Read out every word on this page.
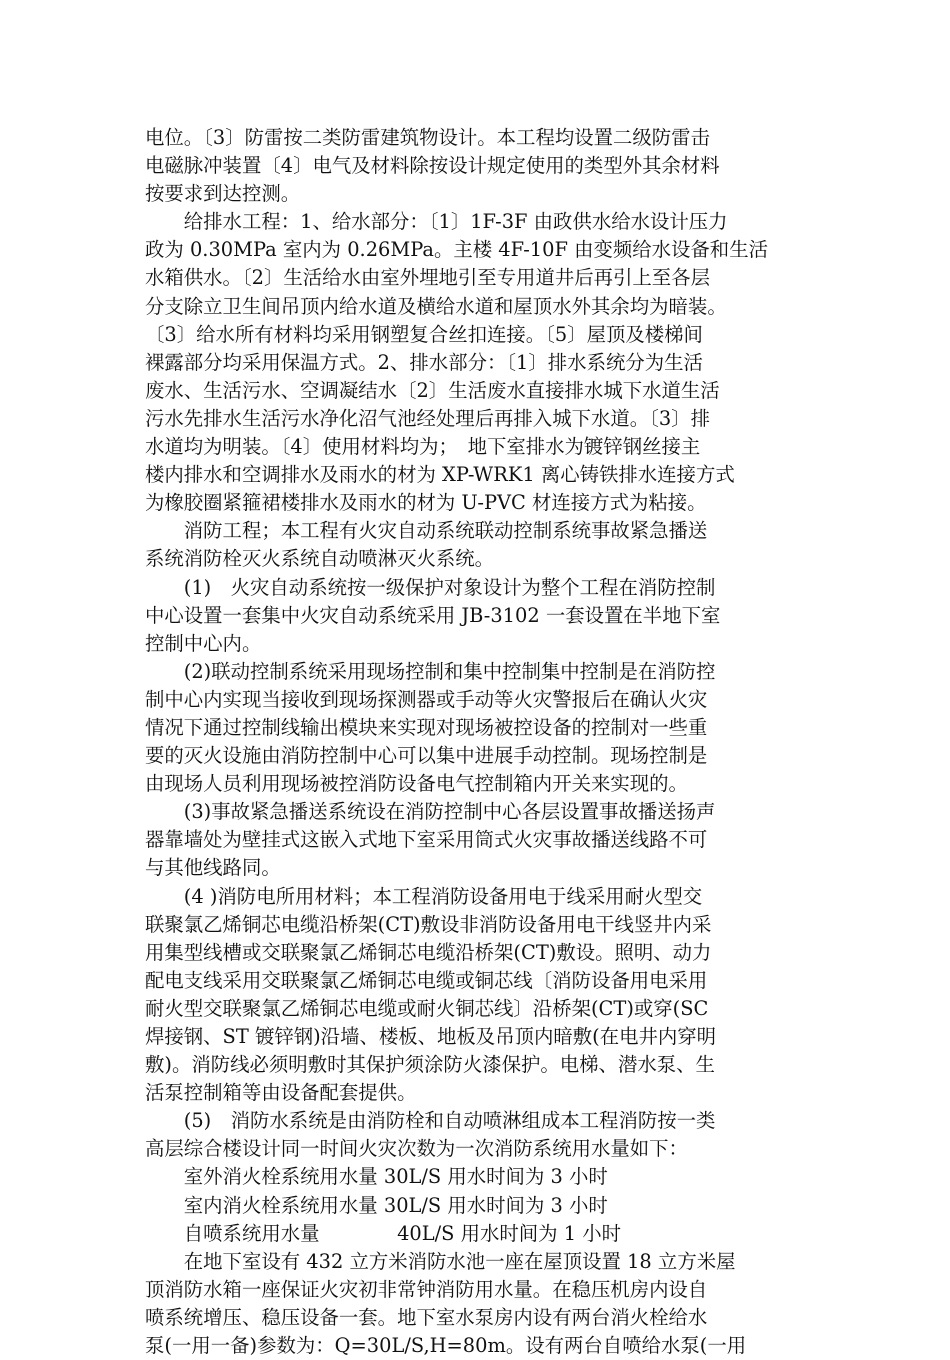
电位。〔3〕防雷按二类防雷建筑物设计。本工程均设置二级防雷击
电磁脉冲装置〔4〕电气及材料除按设计规定使用的类型外其余材料
按要求到达控测。
　　给排水工程：1、给水部分：〔1〕1F-3F 由政供水给水设计压力
政为 0.30MPa 室内为 0.26MPa。主楼 4F-10F 由变频给水设备和生活
水箱供水。〔2〕生活给水由室外埋地引至专用道井后再引上至各层
分支除立卫生间吊顶内给水道及横给水道和屋顶水外其余均为暗装。
〔3〕给水所有材料均采用钢塑复合丝扣连接。〔5〕屋顶及楼梯间
裸露部分均采用保温方式。2、排水部分：〔1〕排水系统分为生活
废水、生活污水、空调凝结水〔2〕生活废水直接排水城下水道生活
污水先排水生活污水净化沼气池经处理后再排入城下水道。〔3〕排
水道均为明装。〔4〕使用材料均为；　地下室排水为镀锌钢丝接主
楼内排水和空调排水及雨水的材为 XP-WRK1 离心铸铁排水连接方式
为橡胶圈紧箍裙楼排水及雨水的材为 U-PVC 材连接方式为粘接。
　　消防工程；本工程有火灾自动系统联动控制系统事故紧急播送
系统消防栓灭火系统自动喷淋灭火系统。
　　(1)　火灾自动系统按一级保护对象设计为整个工程在消防控制
中心设置一套集中火灾自动系统采用 JB-3102 一套设置在半地下室
控制中心内。
　　(2)联动控制系统采用现场控制和集中控制集中控制是在消防控
制中心内实现当接收到现场探测器或手动等火灾警报后在确认火灾
情况下通过控制线输出模块来实现对现场被控设备的控制对一些重
要的灭火设施由消防控制中心可以集中进展手动控制。现场控制是
由现场人员利用现场被控消防设备电气控制箱内开关来实现的。
　　(3)事故紧急播送系统设在消防控制中心各层设置事故播送扬声
器靠墙处为壁挂式这嵌入式地下室采用筒式火灾事故播送线路不可
与其他线路同。
　　(4 )消防电所用材料；本工程消防设备用电于线采用耐火型交
联聚氯乙烯铜芯电缆沿桥架(CT)敷设非消防设备用电干线竖井内采
用集型线槽或交联聚氯乙烯铜芯电缆沿桥架(CT)敷设。照明、动力
配电支线采用交联聚氯乙烯铜芯电缆或铜芯线〔消防设备用电采用
耐火型交联聚氯乙烯铜芯电缆或耐火铜芯线〕沿桥架(CT)或穿(SC
焊接钢、ST 镀锌钢)沿墙、楼板、地板及吊顶内暗敷(在电井内穿明
敷)。消防线必须明敷时其保护须涂防火漆保护。电梯、潜水泵、生
活泵控制箱等由设备配套提供。
　　(5)　消防水系统是由消防栓和自动喷淋组成本工程消防按一类
高层综合楼设计同一时间火灾次数为一次消防系统用水量如下：
　　室外消火栓系统用水量 30L/S 用水时间为 3 小时
　　室内消火栓系统用水量 30L/S 用水时间为 3 小时
　　自喷系统用水量　　　　40L/S 用水时间为 1 小时
　　在地下室设有 432 立方米消防水池一座在屋顶设置 18 立方米屋
顶消防水箱一座保证火灾初非常钟消防用水量。在稳压机房内设自
喷系统增压、稳压设备一套。地下室水泵房内设有两台消火栓给水
泵(一用一备)参数为：Q=30L/S,H=80m。设有两台自喷给水泵(一用
